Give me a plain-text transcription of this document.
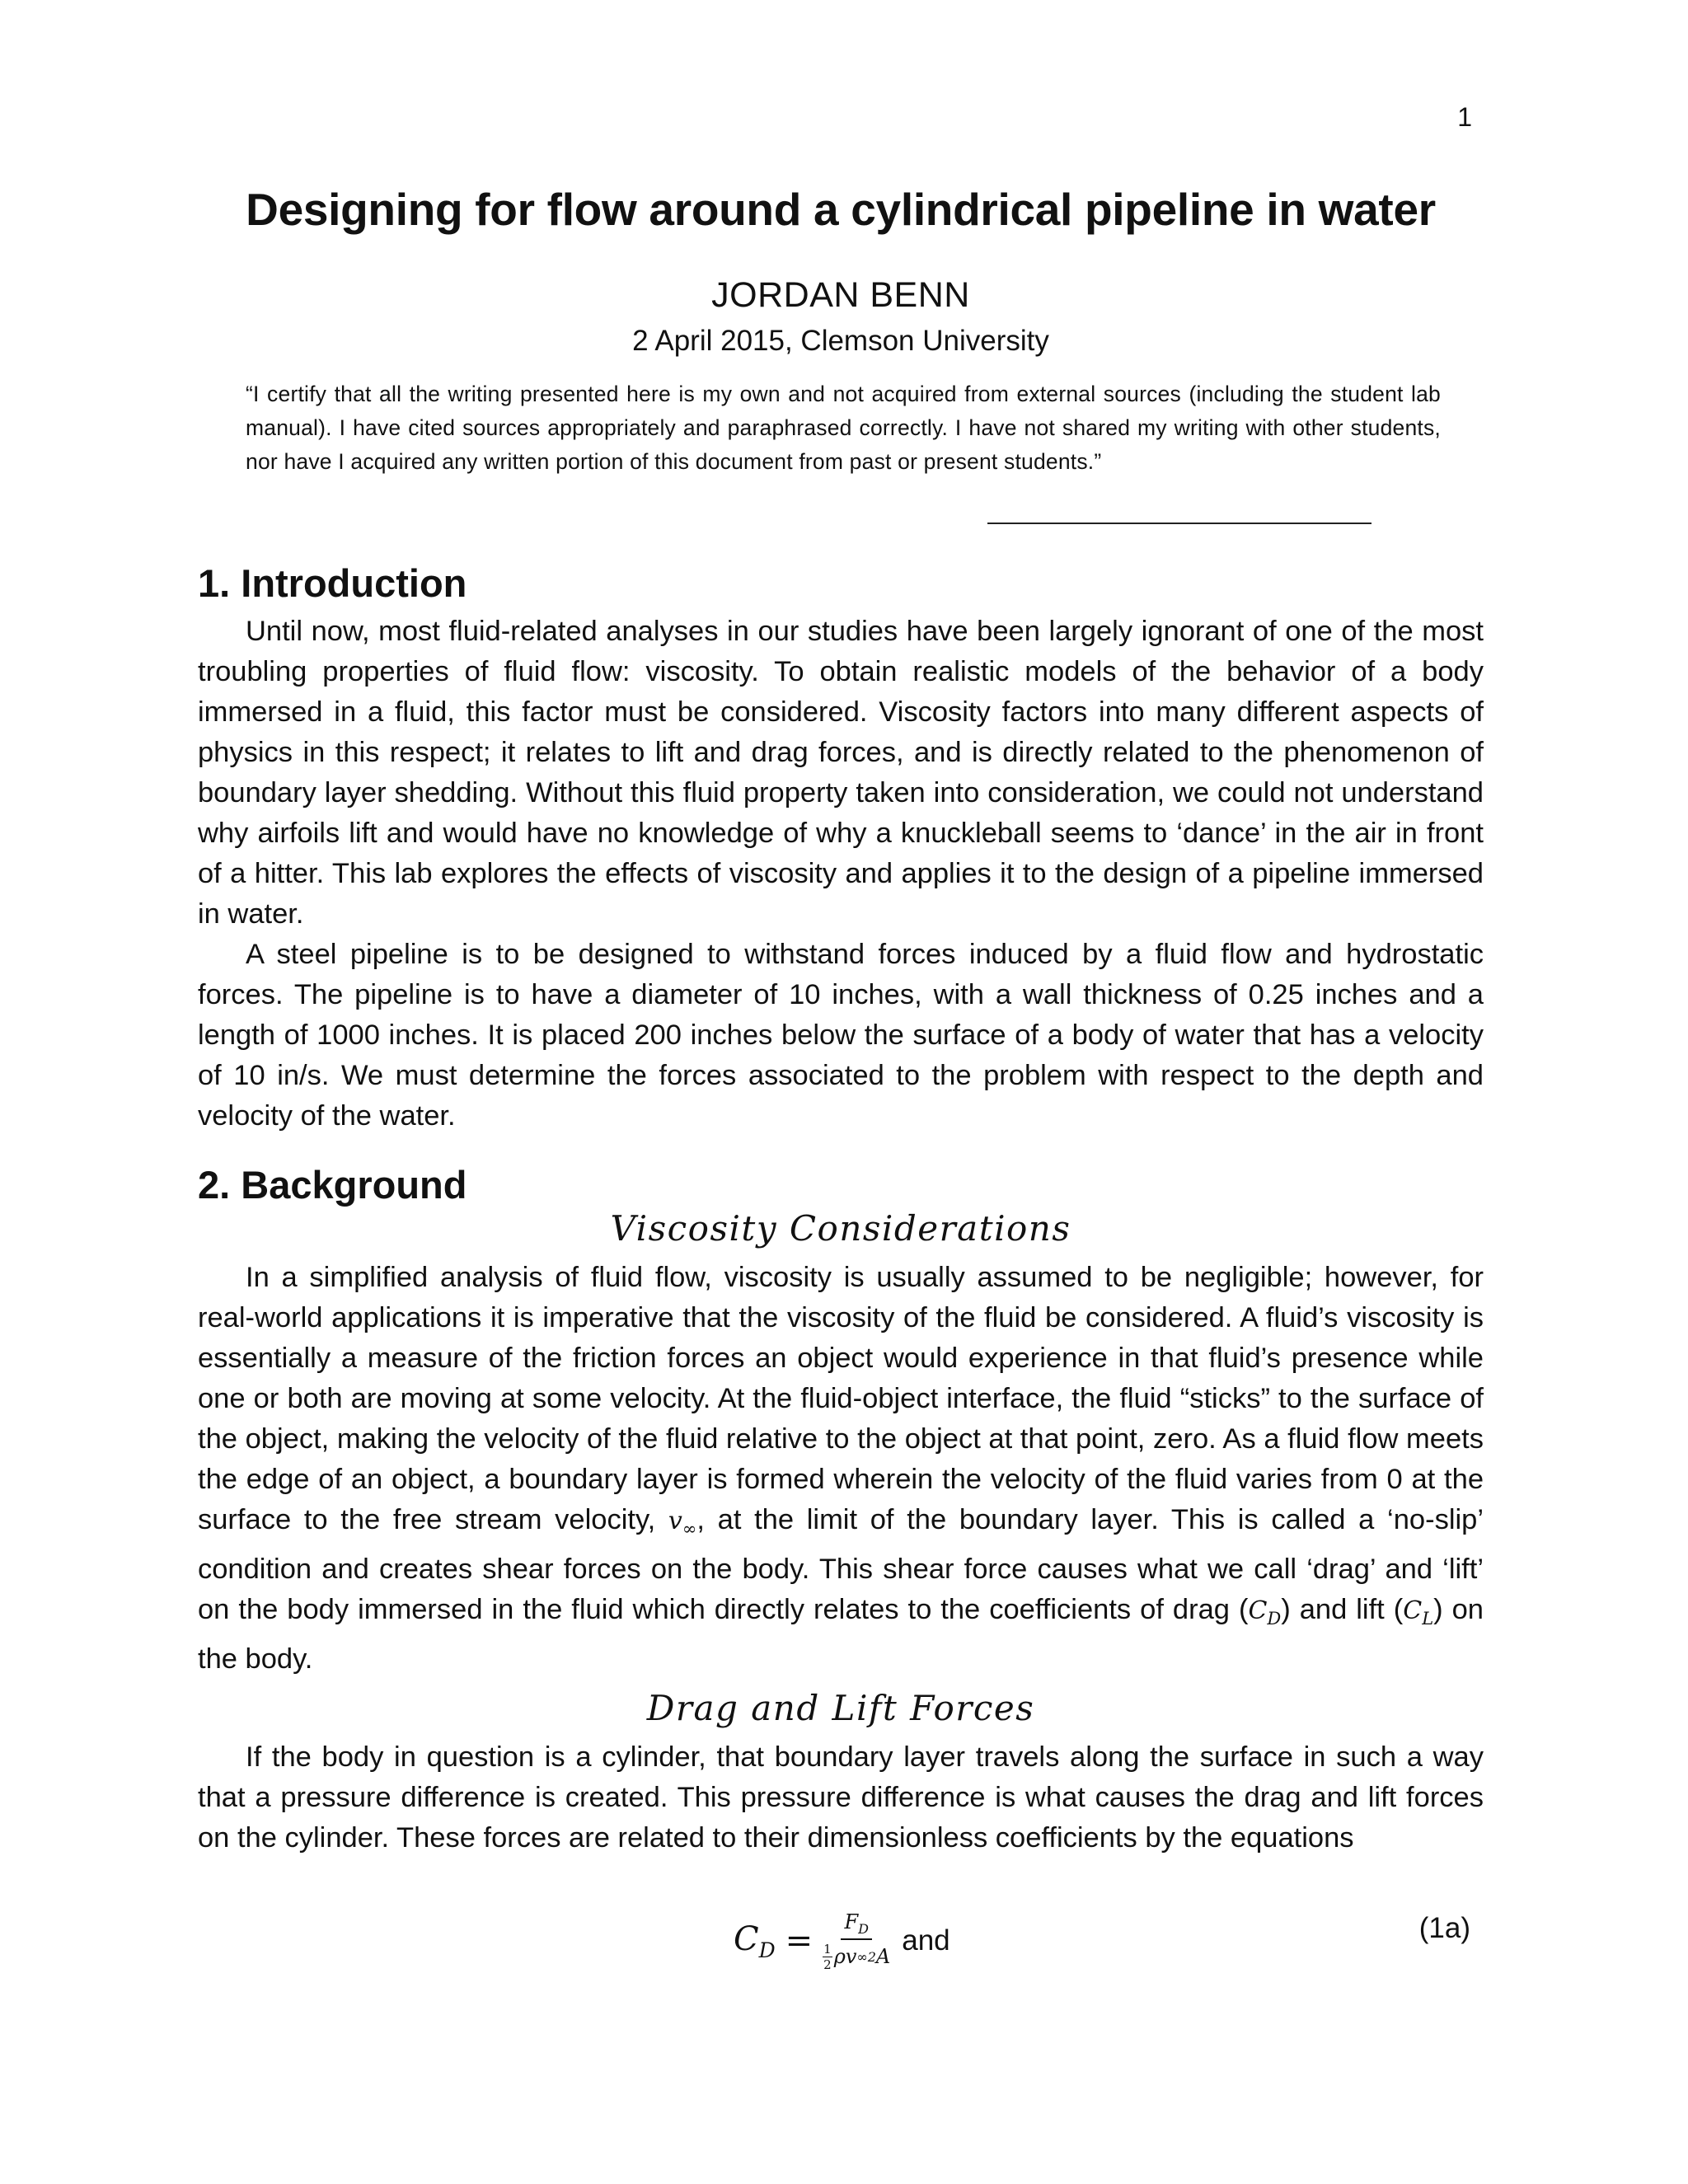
1
Designing for flow around a cylindrical pipeline in water
JORDAN BENN
2 April 2015, Clemson University
“I certify that all the writing presented here is my own and not acquired from external sources (including the student lab manual). I have cited sources appropriately and paraphrased correctly. I have not shared my writing with other students, nor have I acquired any written portion of this document from past or present students.”
1. Introduction

Until now, most fluid-related analyses in our studies have been largely ignorant of one of the most troubling properties of fluid flow: viscosity. To obtain realistic models of the behavior of a body immersed in a fluid, this factor must be considered. Viscosity factors into many different aspects of physics in this respect; it relates to lift and drag forces, and is directly related to the phenomenon of boundary layer shedding. Without this fluid property taken into consideration, we could not understand why airfoils lift and would have no knowledge of why a knuckleball seems to ‘dance’ in the air in front of a hitter. This lab explores the effects of viscosity and applies it to the design of a pipeline immersed in water.

A steel pipeline is to be designed to withstand forces induced by a fluid flow and hydrostatic forces. The pipeline is to have a diameter of 10 inches, with a wall thickness of 0.25 inches and a length of 1000 inches. It is placed 200 inches below the surface of a body of water that has a velocity of 10 in/s. We must determine the forces associated to the problem with respect to the depth and velocity of the water.

2. Background
Viscosity Considerations

In a simplified analysis of fluid flow, viscosity is usually assumed to be negligible; however, for real-world applications it is imperative that the viscosity of the fluid be considered. A fluid’s viscosity is essentially a measure of the friction forces an object would experience in that fluid’s presence while one or both are moving at some velocity. At the fluid-object interface, the fluid “sticks” to the surface of the object, making the velocity of the fluid relative to the object at that point, zero. As a fluid flow meets the edge of an object, a boundary layer is formed wherein the velocity of the fluid varies from 0 at the surface to the free stream velocity, $v_\infty$, at the limit of the boundary layer. This is called a ‘no-slip’ condition and creates shear forces on the body. This shear force causes what we call ‘drag’ and ‘lift’ on the body immersed in the fluid which directly relates to the coefficients of drag $(C_D)$ and lift $(C_L)$ on the body.

Drag and Lift Forces

If the body in question is a cylinder, that boundary layer travels along the surface in such a way that a pressure difference is created. This pressure difference is what causes the drag and lift forces on the cylinder. These forces are related to their dimensionless coefficients by the equations

$C_D = \frac{F_D}{\frac{1}{2} \rho v \infty 2 A}$ and	(1a)
